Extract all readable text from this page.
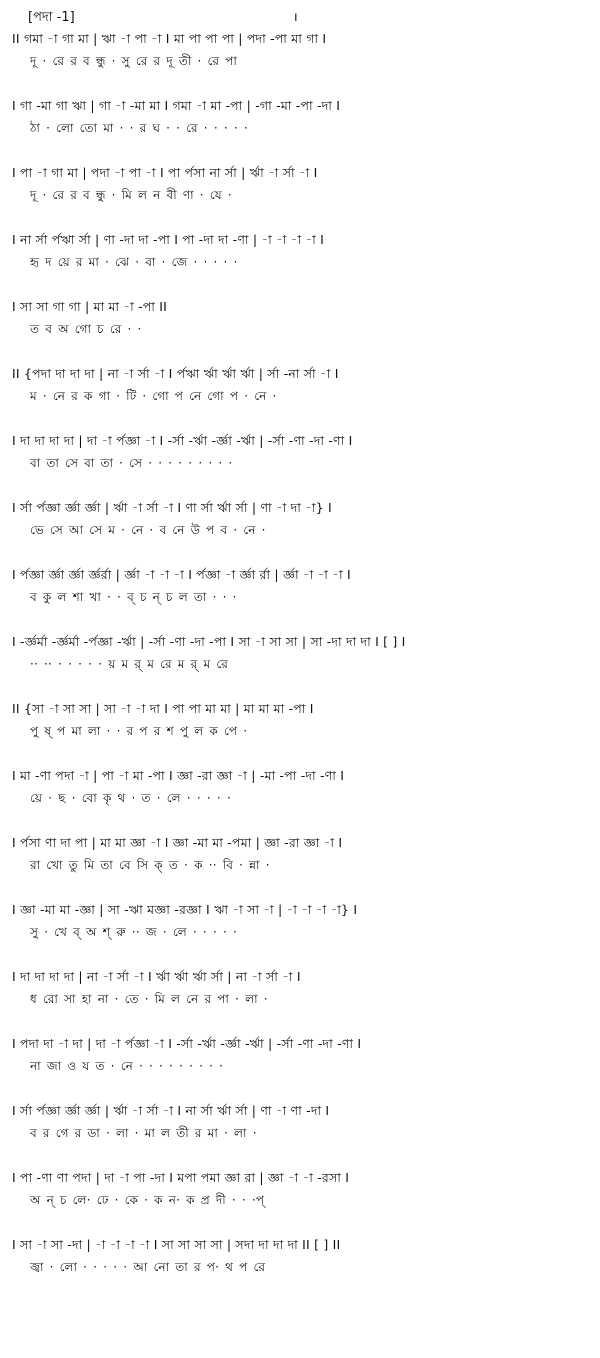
[পদা -1]	ı
II গমা -া গা মা | ঋা -া পা -া I মা পা পা পা | পদা -পা মা গা I
দূ · রে র ব ন্ধু · সু রে র দূ তী · রে পা
I গা -মা গা ঋা | গা -া -মা মা I গমা -া মা -পা | -গা -মা -পা -দা I
ঠা · লো তো মা · · র ঘ · · রে · · · · ·
I পা -া গা মা | পদা -া পা -া I পা র্পসা না র্সা | র্ঋা -া র্সা -া I
দূ · রে র ব ন্ধু · মি ল ন বী ণা · যে ·
I না র্সা র্পঋা র্সা | ণা -দা দা -পা I পা -দা দা -ণা | -া -া -া -া I
হৃ দ য়ে র মা · ঝে · বা · জে · · · · ·
I সা সা গা গা | মা মা -া -পা II
ত ব অ গো চ রে · ·
II {পদা দা দা দা | না -া র্সা -া I র্পঋা র্ঋা র্ঋা র্ঋা | র্সা -না র্সা -া I
ম · নে র ক গা · টি · গো প নে গো প · নে ·
I দা দা দা দা | দা -া র্পজ্ঞা -া I -র্সা -র্ঋা -র্জ্ঞা -র্ঋা | -র্সা -ণা -দা -ণা I
বা তা সে বা তা · সে · · · · · · · · ·
I র্সা র্পজ্ঞা র্জ্ঞা র্জ্ঞা | র্ঋা -া র্সা -া I ণা র্সা র্ঋা র্সা | ণা -া দা -া} I
ভে সে আ সে ম · নে · ব নে উ প ব · নে ·
I র্পজ্ঞা র্জ্ঞা র্জ্ঞা র্জ্ঞর্রা | র্জ্ঞা -া -া -া I র্পজ্ঞা -া র্জ্ঞা র্রা | র্জ্ঞা -া -া -া I
ব কু ল শা খা · · ব্ চ ন্ চ ল তা · · ·
I -র্জ্ঞর্মা -র্জ্ঞর্মা -র্পজ্ঞা -র্ঋা | -র্সা -ণা -দা -পা I সা -া সা সা | সা -দা দা দা I [ ] I
·· ·· · · · · · য় ম র্ ম রে ম র্ ম রে
II {সা -া সা সা | সা -া -া দা I পা পা মা মা | মা মা মা -পা I
পু ষ্ প মা লা · · র প র শ পু ল ক পে ·
I মা -ণা পদা -া | পা -া মা -পা I জ্ঞা -রা জ্ঞা -া | -মা -পা -দা -ণা I
য়ে · ছ · বো কৃ থ · ত · লে · · · · ·
I র্পসা ণা দা পা | মা মা জ্ঞা -া I জ্ঞা -মা মা -পমা | জ্ঞা -রা জ্ঞা -া I
রা খো তু মি তা বে সি ক্ ত · ক ·· বি · ন্না ·
I জ্ঞা -মা মা -জ্ঞা | সা -ঋা মজ্ঞা -রজ্ঞা I ঋা -া সা -া | -া -া -া -া} I
সু · খে ব্ অ শ্ রু ·· জ · লে · · · · ·
I দা দা দা দা | না -া র্সা -া I র্ঋা র্ঋা র্ঋা র্সা | না -া র্সা -া I
ধ রো সা হা না · তে · মি ল নে র পা · লা ·
I পদা দা -া দা | দা -া র্পজ্ঞা -া I -র্সা -র্ঋা -র্জ্ঞা -র্ঋা | -র্সা -ণা -দা -ণা I
না জা ও য ত · নে · · · · · · · · ·
I র্সা র্পজ্ঞা র্জ্ঞা র্জ্ঞা | র্ঋা -া র্সা -া I না র্সা র্ঋা র্সা | ণা -া ণা -দা I
ব র গে র ডা · লা · মা ল তী র মা · লা ·
I পা -ণা ণা পদা | দা -া পা -দা I মপা পমা জ্ঞা রা | জ্ঞা -া -া -রসা I
অ ন্ চ লে· ঢে · কে · ক ন· ক প্র দী · · ·প্
I সা -া সা -দা | -া -া -া -া I সা সা সা সা | সদা দা দা দা II [ ] II
জ্বা · লো · · · · · আ নো তা র প· থ প রে
